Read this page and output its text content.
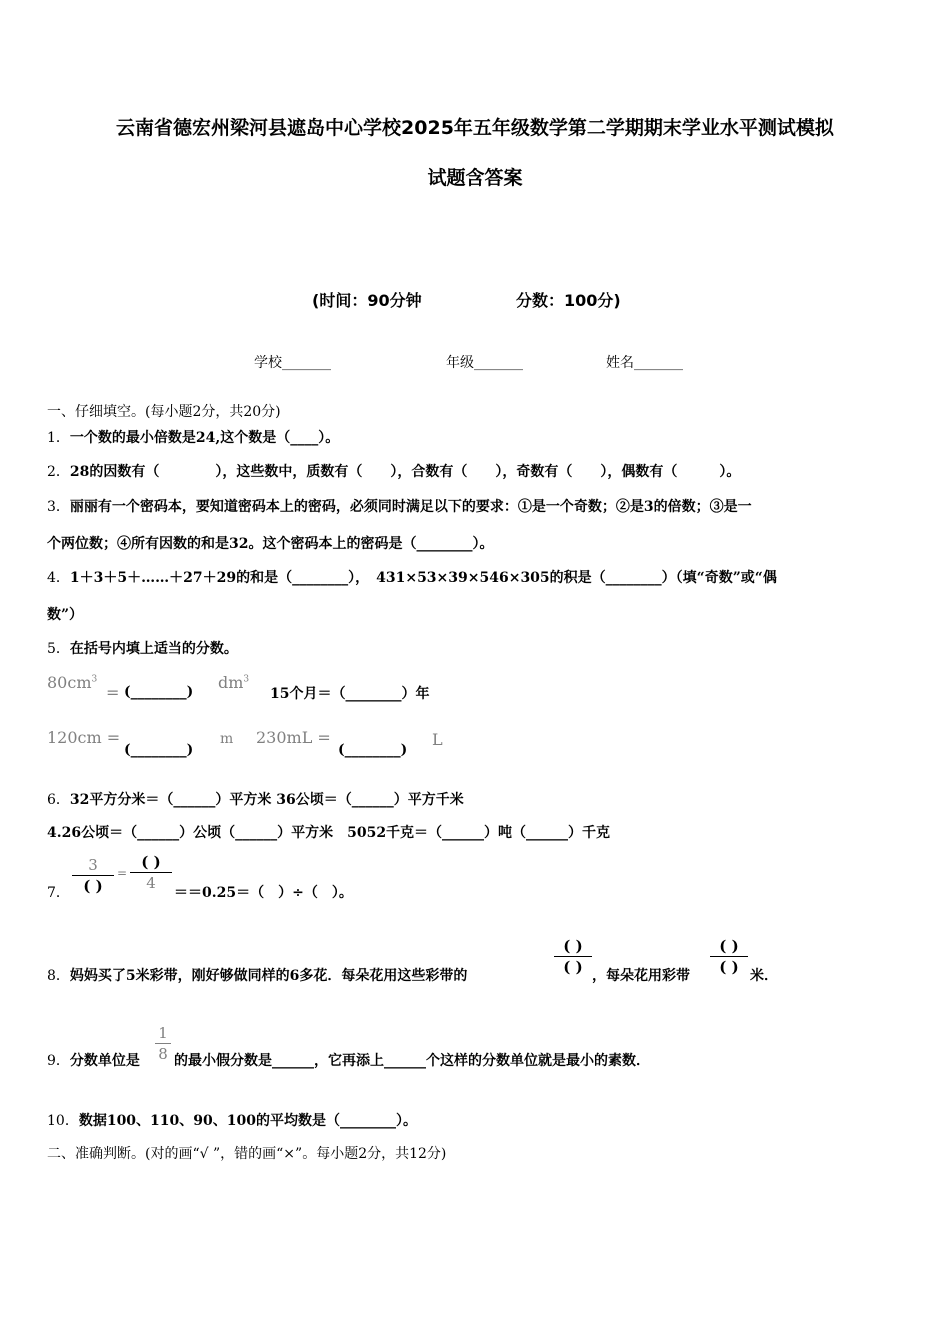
云南省德宏州梁河县遮岛中心学校2025年五年级数学第二学期期末学业水平测试模拟
试题含答案
(时间：90分钟	分数：100分)
学校_______	年级_______	姓名_______
一、仔细填空。(每小题2分，共20分)
1．一个数的最小倍数是24,这个数是（____）。
2．28的因数有（　　　　），这些数中，质数有（　　），合数有（　　），奇数有（　　），偶数有（　　　）。
3．丽丽有一个密码本，要知道密码本上的密码，必须同时满足以下的要求：①是一个奇数；②是3的倍数；③是一
个两位数；④所有因数的和是32。这个密码本上的密码是（________）。
4．1＋3＋5＋……＋27＋29的和是（________），　431×53×39×546×305的积是（________）（填“奇数”或“偶
数”）
5．在括号内填上适当的分数。
$80cm^3$
= (________) $dm^3$
15个月＝（________）年
120cm =
(________)
m 230mL =
(________)
L
6．32平方分米＝（______）平方米 36公顷＝（______）平方千米
4.26公顷＝（______）公顷（______）平方米　5052千克＝（______）吨（______）千克
7．
3
( )
=
( )
4
＝＝0.25＝（　）÷（　）。
8．妈妈买了5米彩带，刚好够做同样的6多花．每朵花用这些彩带的
( )
( ) ，每朵花用彩带
( )
( ) 米．
9．分数单位是
1
8 的最小假分数是______，它再添上______个这样的分数单位就是最小的素数．
10．数据100、110、90、100的平均数是（________）。
二、准确判断。(对的画“√ ”，错的画“×”。每小题2分，共12分)
